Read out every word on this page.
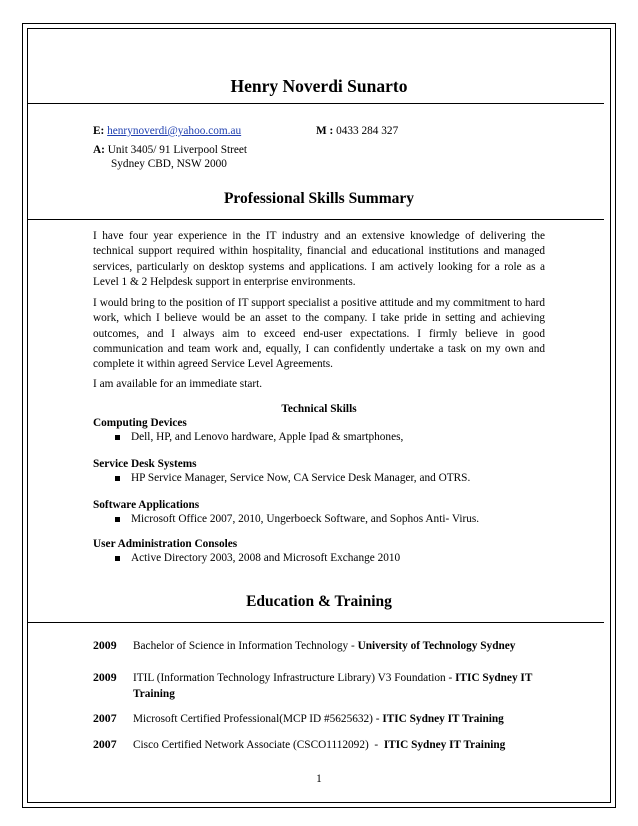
Henry Noverdi Sunarto
E: henrynoverdi@yahoo.com.au	M : 0433 284 327
A: Unit 3405/ 91 Liverpool Street
Sydney CBD, NSW 2000
Professional Skills Summary

I have four year experience in the IT industry and an extensive knowledge of delivering the technical support required within hospitality, financial and educational institutions and managed services, particularly on desktop systems and applications. I am actively looking for a role as a Level 1 & 2 Helpdesk support in enterprise environments.

I would bring to the position of IT support specialist a positive attitude and my commitment to hard work, which I believe would be an asset to the company. I take pride in setting and achieving outcomes, and I always aim to exceed end-user expectations. I firmly believe in good communication and team work and, equally, I can confidently undertake a task on my own and complete it within agreed Service Level Agreements.

I am available for an immediate start.

Technical Skills
Computing Devices
Dell, HP, and Lenovo hardware, Apple Ipad & smartphones,
Service Desk Systems
HP Service Manager, Service Now, CA Service Desk Manager, and OTRS.
Software Applications
Microsoft Office 2007, 2010, Ungerboeck Software, and Sophos Anti- Virus.
User Administration Consoles
Active Directory 2003, 2008 and Microsoft Exchange 2010
Education & Training
2009 Bachelor of Science in Information Technology - University of Technology Sydney
2009 ITIL (Information Technology Infrastructure Library) V3 Foundation - ITIC Sydney IT Training
2007 Microsoft Certified Professional(MCP ID #5625632) - ITIC Sydney IT Training
2007 Cisco Certified Network Associate (CSCO1112092)  -  ITIC Sydney IT Training
1
